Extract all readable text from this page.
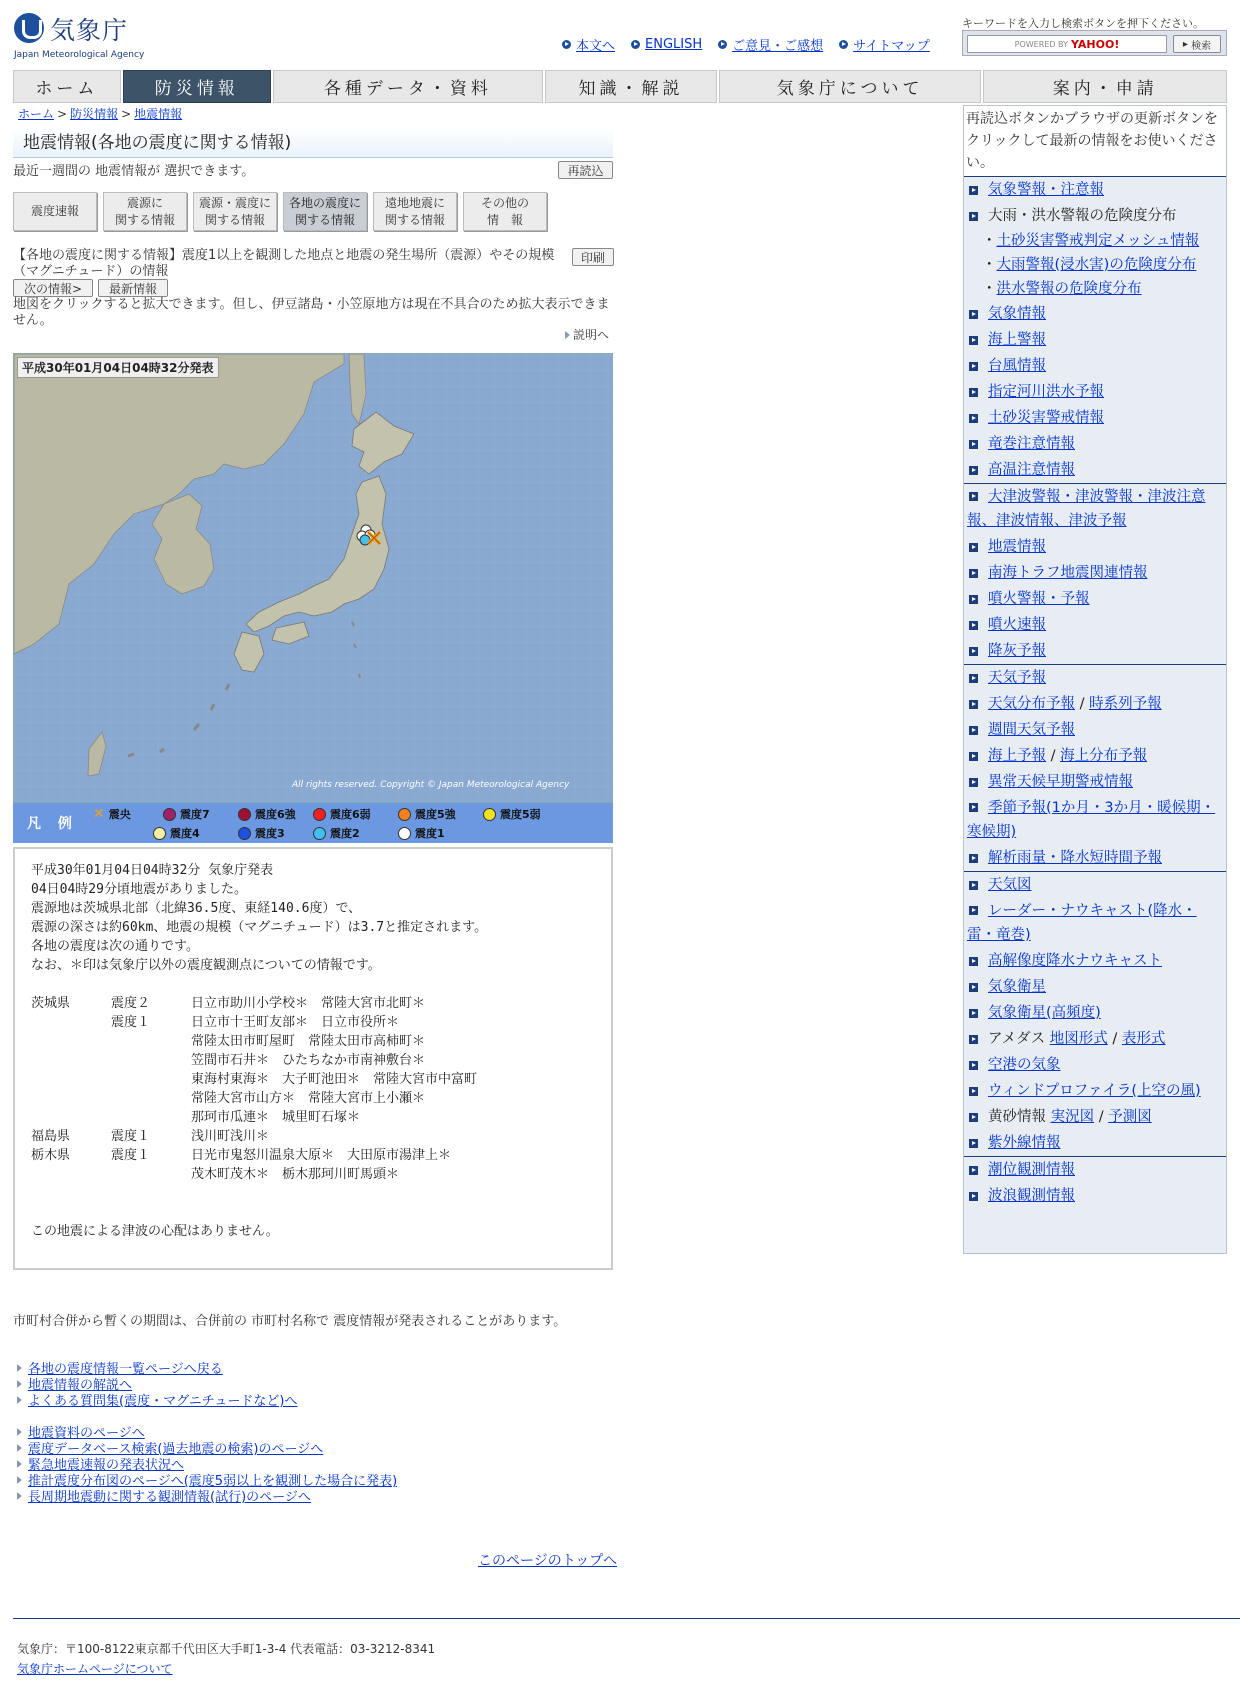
気象庁
Japan Meteorological Agency
本文へ ENGLISH ご意見・ご感想 サイトマップ
キーワードを入力し検索ボタンを押下ください。
POWERED BY YAHOO!	▸ 検索
ホーム	防災情報	各種データ・資料	知識・解説	気象庁について	案内・申請
ホーム > 防災情報 > 地震情報
地震情報(各地の震度に関する情報)
最近一週間の 地震情報が 選択できます。	再読込
震度速報
震源に
関する情報
震源・震度に
関する情報
各地の震度に
関する情報
遠地地震に
関する情報
その他の
情　報
【各地の震度に関する情報】震度1以上を観測した地点と地震の発生場所（震源）やその規模（マグニチュード）の情報
印刷
次の情報>	最新情報
地図をクリックすると拡大できます。但し、伊豆諸島・小笠原地方は現在不具合のため拡大表示できません。
説明へ
平成30年01月04日04時32分発表
All rights reserved. Copyright © Japan Meteorological Agency
凡 例
✕ 震央	震度7	震度6強	震度6弱	震度5強	震度5弱
震度4	震度3	震度2	震度1
平成30年01月04日04時32分 気象庁発表
04日04時29分頃地震がありました。
震源地は茨城県北部（北緯36.5度、東経140.6度）で、
震源の深さは約60km、地震の規模（マグニチュード）は3.7と推定されます。
各地の震度は次の通りです。
なお、＊印は気象庁以外の震度観測点についての情報です。
茨城県	震度２	日立市助川小学校＊　常陸大宮市北町＊
震度１	日立市十王町友部＊　日立市役所＊
常陸太田市町屋町　常陸太田市高柿町＊
笠間市石井＊　ひたちなか市南神敷台＊
東海村東海＊　大子町池田＊　常陸大宮市中富町
常陸大宮市山方＊　常陸大宮市上小瀬＊
那珂市瓜連＊　城里町石塚＊
福島県	震度１	浅川町浅川＊
栃木県	震度１	日光市鬼怒川温泉大原＊　大田原市湯津上＊
茂木町茂木＊　栃木那珂川町馬頭＊
この地震による津波の心配はありません。
再読込ボタンかブラウザの更新ボタンをクリックして最新の情報をお使いください。
気象警報・注意報
大雨・洪水警報の危険度分布
・ 土砂災害警戒判定メッシュ情報
・ 大雨警報(浸水害)の危険度分布
・ 洪水警報の危険度分布
気象情報
海上警報
台風情報
指定河川洪水予報
土砂災害警戒情報
竜巻注意情報
高温注意情報
大津波警報・津波警報・津波注意報、津波情報、津波予報
地震情報
南海トラフ地震関連情報
噴火警報・予報
噴火速報
降灰予報
天気予報
天気分布予報 / 時系列予報
週間天気予報
海上予報 / 海上分布予報
異常天候早期警戒情報
季節予報(1か月・3か月・暖候期・寒候期)
解析雨量・降水短時間予報
天気図
レーダー・ナウキャスト(降水・雷・竜巻)
高解像度降水ナウキャスト
気象衛星
気象衛星(高頻度)
アメダス 地図形式 / 表形式
空港の気象
ウィンドプロファイラ(上空の風)
黄砂情報 実況図 / 予測図
紫外線情報
潮位観測情報
波浪観測情報
市町村合併から暫くの期間は、合併前の 市町村名称で 震度情報が発表されることがあります。
各地の震度情報一覧ページへ戻る
地震情報の解説へ
よくある質問集(震度・マグニチュードなど)へ
地震資料のページへ
震度データベース検索(過去地震の検索)のページへ
緊急地震速報の発表状況へ
推計震度分布図のページへ(震度5弱以上を観測した場合に発表)
長周期地震動に関する観測情報(試行)のページへ
このページのトップへ
気象庁：〒100-8122東京都千代田区大手町1-3-4 代表電話：03-3212-8341
気象庁ホームページについて
